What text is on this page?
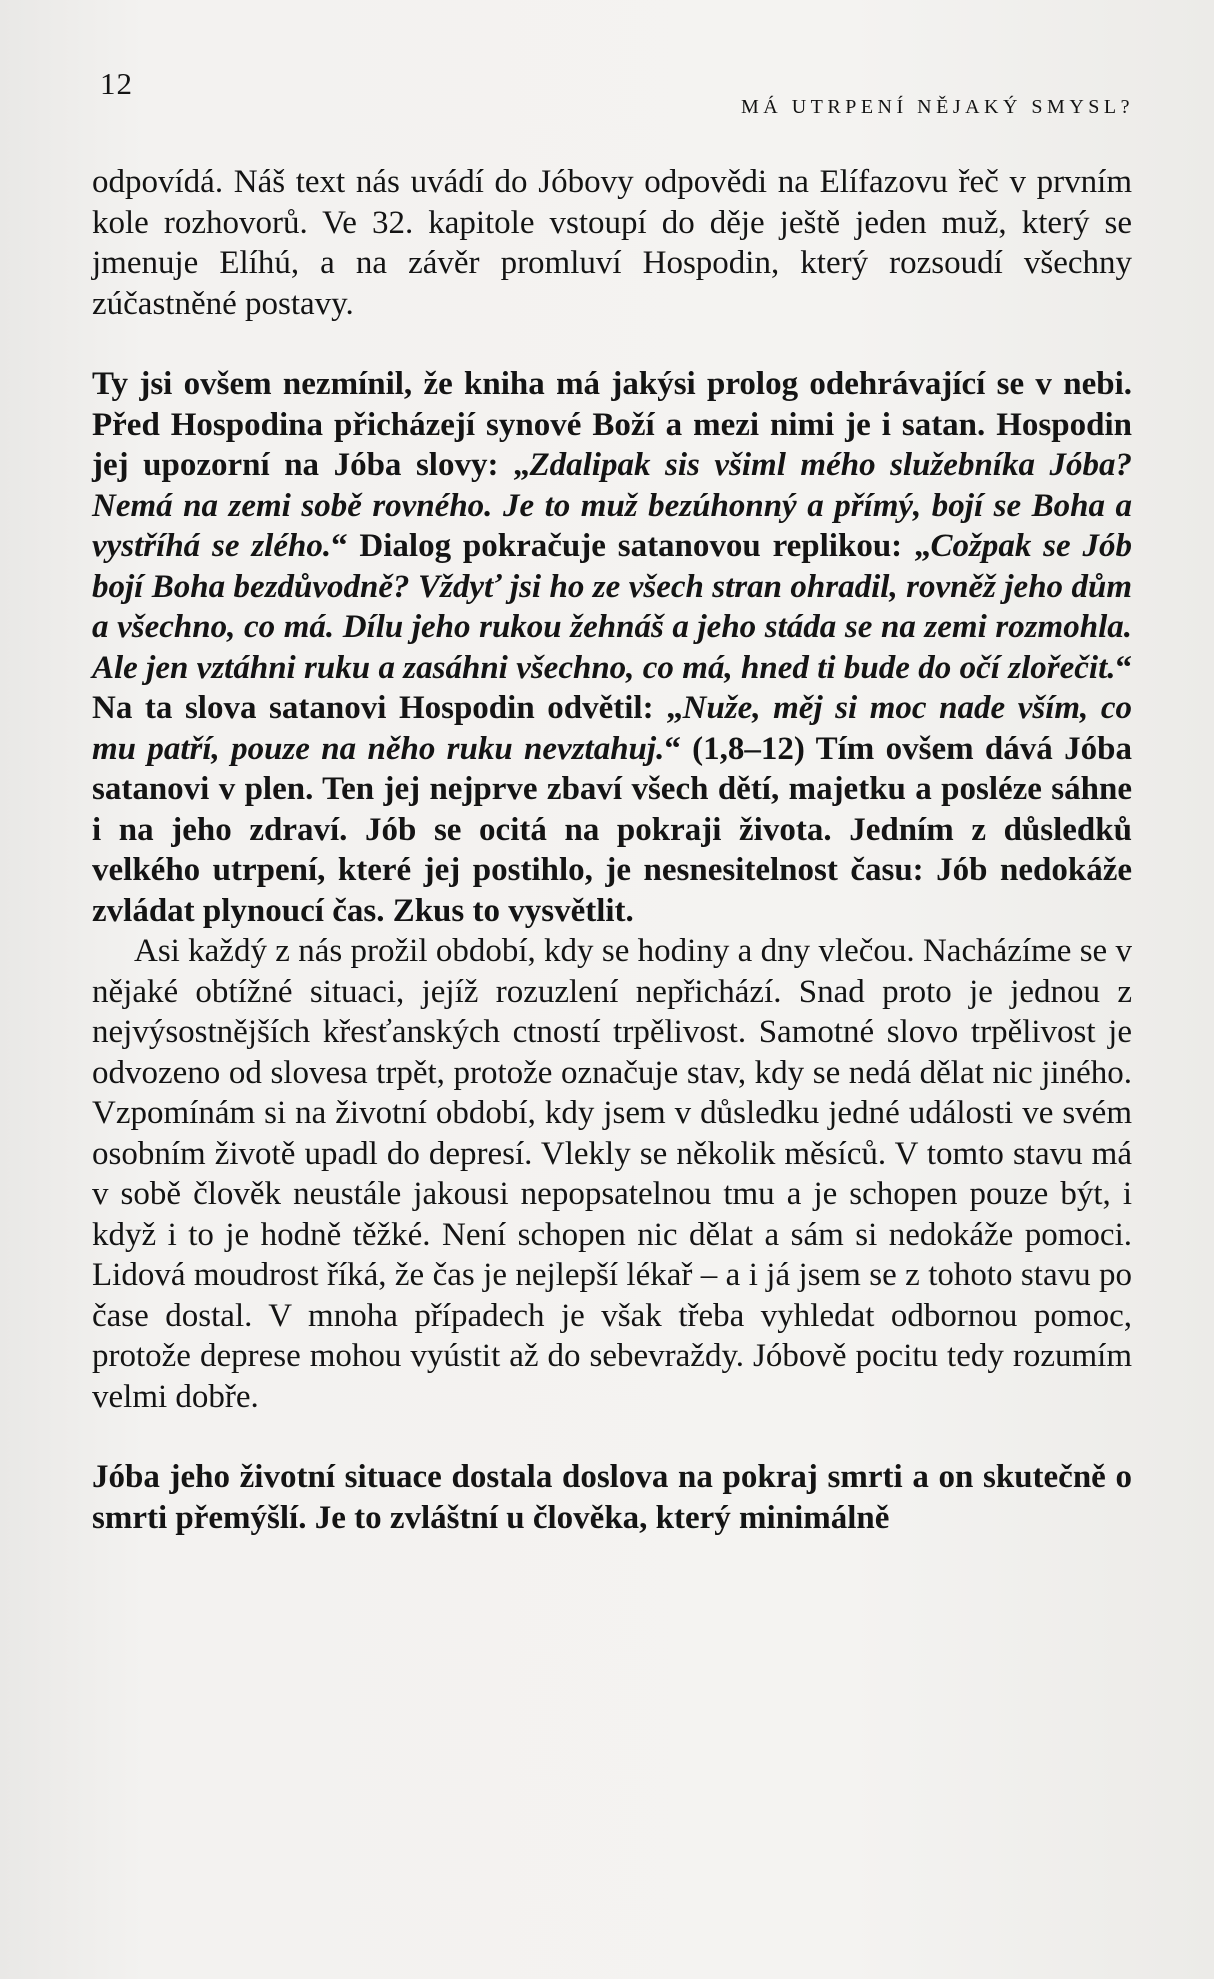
12
MÁ UTRPENÍ NĚJAKÝ SMYSL?

odpovídá. Náš text nás uvádí do Jóbovy odpovědi na Elífazovu řeč v prvním kole rozhovorů. Ve 32. kapitole vstoupí do děje ještě jeden muž, který se jmenuje Elíhú, a na závěr promluví Hospodin, který rozsoudí všechny zúčastněné postavy.

Ty jsi ovšem nezmínil, že kniha má jakýsi prolog odehrávající se v nebi. Před Hospodina přicházejí synové Boží a mezi nimi je i satan. Hospodin jej upozorní na Jóba slovy: „Zdalipak sis všiml mého služebníka Jóba? Nemá na zemi sobě rovného. Je to muž bezúhonný a přímý, bojí se Boha a vystříhá se zlého.“ Dialog pokračuje satanovou replikou: „Cožpak se Jób bojí Boha bezdůvodně? Vždyť jsi ho ze všech stran ohradil, rovněž jeho dům a všechno, co má. Dílu jeho rukou žehnáš a jeho stáda se na zemi rozmohla. Ale jen vztáhni ruku a zasáhni všechno, co má, hned ti bude do očí zlořečit.“ Na ta slova satanovi Hospodin odvětil: „Nuže, měj si moc nade vším, co mu patří, pouze na něho ruku nevztahuj.“ (1,8–12) Tím ovšem dává Jóba satanovi v plen. Ten jej nejprve zbaví všech dětí, majetku a posléze sáhne i na jeho zdraví. Jób se ocitá na pokraji života. Jedním z důsledků velkého utrpení, které jej postihlo, je nesnesitelnost času: Jób nedokáže zvládat plynoucí čas. Zkus to vysvětlit.

Asi každý z nás prožil období, kdy se hodiny a dny vlečou. Nacházíme se v nějaké obtížné situaci, jejíž rozuzlení nepřichází. Snad proto je jednou z nejvýsostnějších křesťanských ctností trpělivost. Samotné slovo trpělivost je odvozeno od slovesa trpět, protože označuje stav, kdy se nedá dělat nic jiného. Vzpomínám si na životní období, kdy jsem v důsledku jedné události ve svém osobním životě upadl do depresí. Vlekly se několik měsíců. V tomto stavu má v sobě člověk neustále jakousi nepopsatelnou tmu a je schopen pouze být, i když i to je hodně těžké. Není schopen nic dělat a sám si nedokáže pomoci. Lidová moudrost říká, že čas je nejlepší lékař – a i já jsem se z tohoto stavu po čase dostal. V mnoha případech je však třeba vyhledat odbornou pomoc, protože deprese mohou vyústit až do sebevraždy. Jóbově pocitu tedy rozumím velmi dobře.

Jóba jeho životní situace dostala doslova na pokraj smrti a on skutečně o smrti přemýšlí. Je to zvláštní u člověka, který minimálně
